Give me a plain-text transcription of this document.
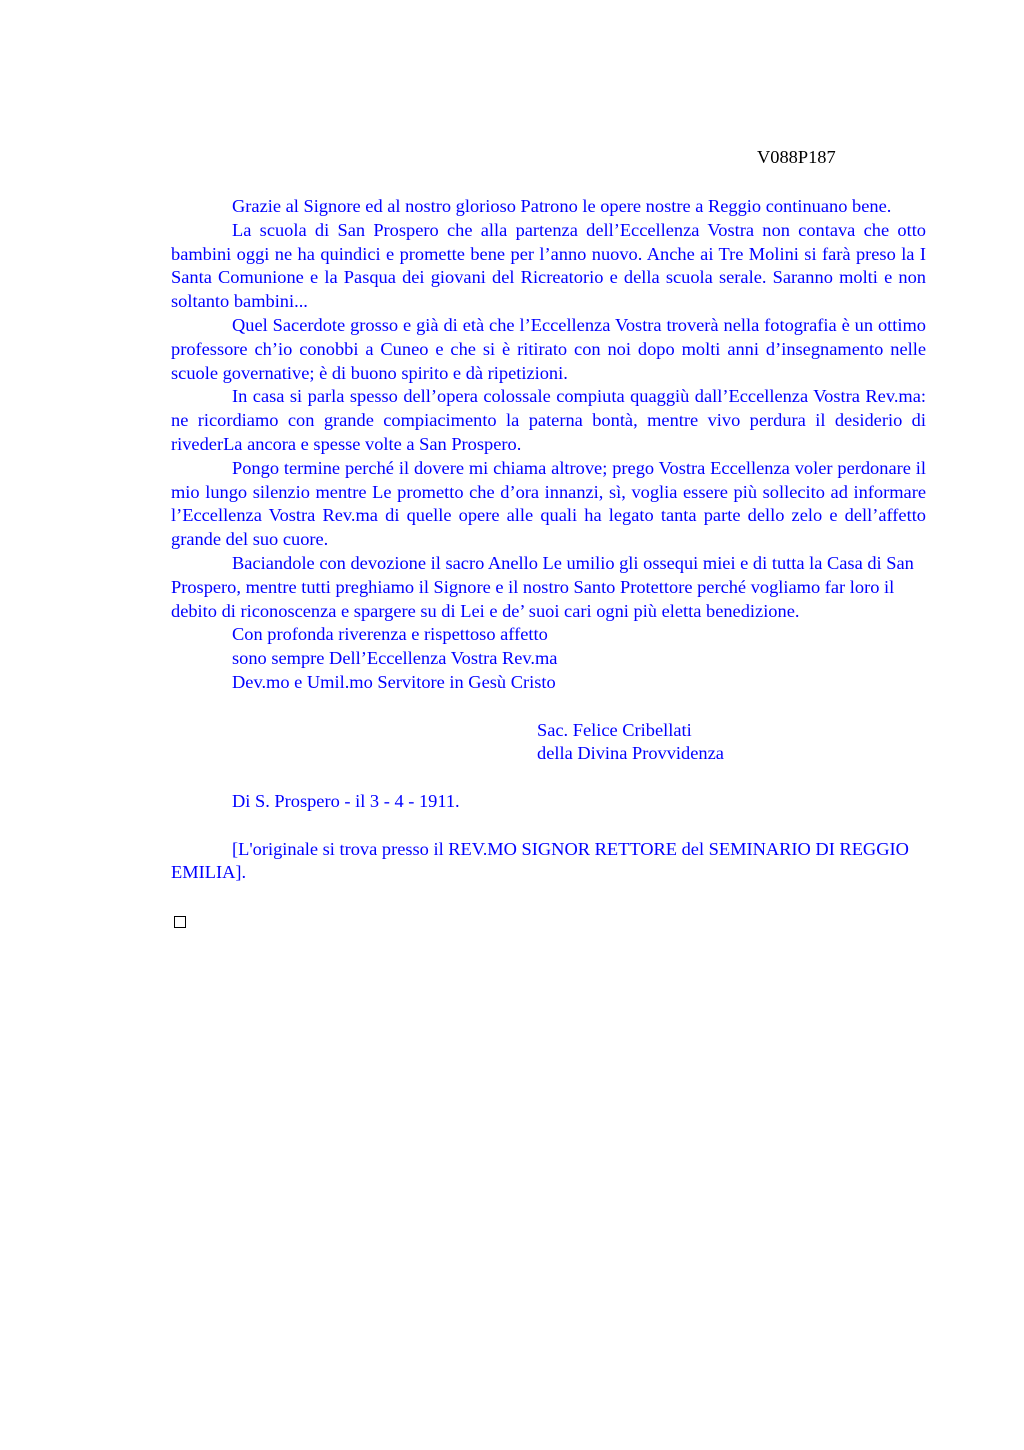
V088P187

Grazie al Signore ed al nostro glorioso Patrono le opere nostre a Reggio continuano bene.

La scuola di San Prospero che alla partenza dell’Eccellenza Vostra non contava che otto bambini oggi ne ha quindici e promette bene per l’anno nuovo. Anche ai Tre Molini si farà preso la I Santa Comunione e la Pasqua dei giovani del Ricreatorio e della scuola serale. Saranno molti e non soltanto bambini...

Quel Sacerdote grosso e già di età che l’Eccellenza Vostra troverà nella fotografia è un ottimo professore ch’io conobbi a Cuneo e che si è ritirato con noi dopo molti anni d’insegnamento nelle scuole governative; è di buono spirito e dà ripetizioni.

In casa si parla spesso dell’opera colossale compiuta quaggiù dall’Eccellenza Vostra Rev.ma: ne ricordiamo con grande compiacimento la paterna bontà, mentre vivo perdura il desiderio di rivederLa ancora e spesse volte a San Prospero.

Pongo termine perché il dovere mi chiama altrove; prego Vostra Eccellenza voler perdonare il mio lungo silenzio mentre Le prometto che d’ora innanzi, sì, voglia essere più sollecito ad informare l’Eccellenza Vostra Rev.ma di quelle opere alle quali ha legato tanta parte dello zelo e dell’affetto grande del suo cuore.

Baciandole con devozione il sacro Anello Le umilio gli ossequi miei e di tutta la Casa di San Prospero, mentre tutti preghiamo il Signore e il nostro Santo Protettore perché vogliamo far loro il debito di riconoscenza e spargere su di Lei e de’ suoi cari ogni più eletta benedizione.

Con profonda riverenza e rispettoso affetto

sono sempre Dell’Eccellenza Vostra Rev.ma

Dev.mo e Umil.mo Servitore in Gesù Cristo

Sac. Felice Cribellati

della Divina Provvidenza

Di S. Prospero - il 3 - 4 - 1911.

[L'originale si trova presso il REV.MO SIGNOR RETTORE del SEMINARIO DI REGGIO EMILIA].
